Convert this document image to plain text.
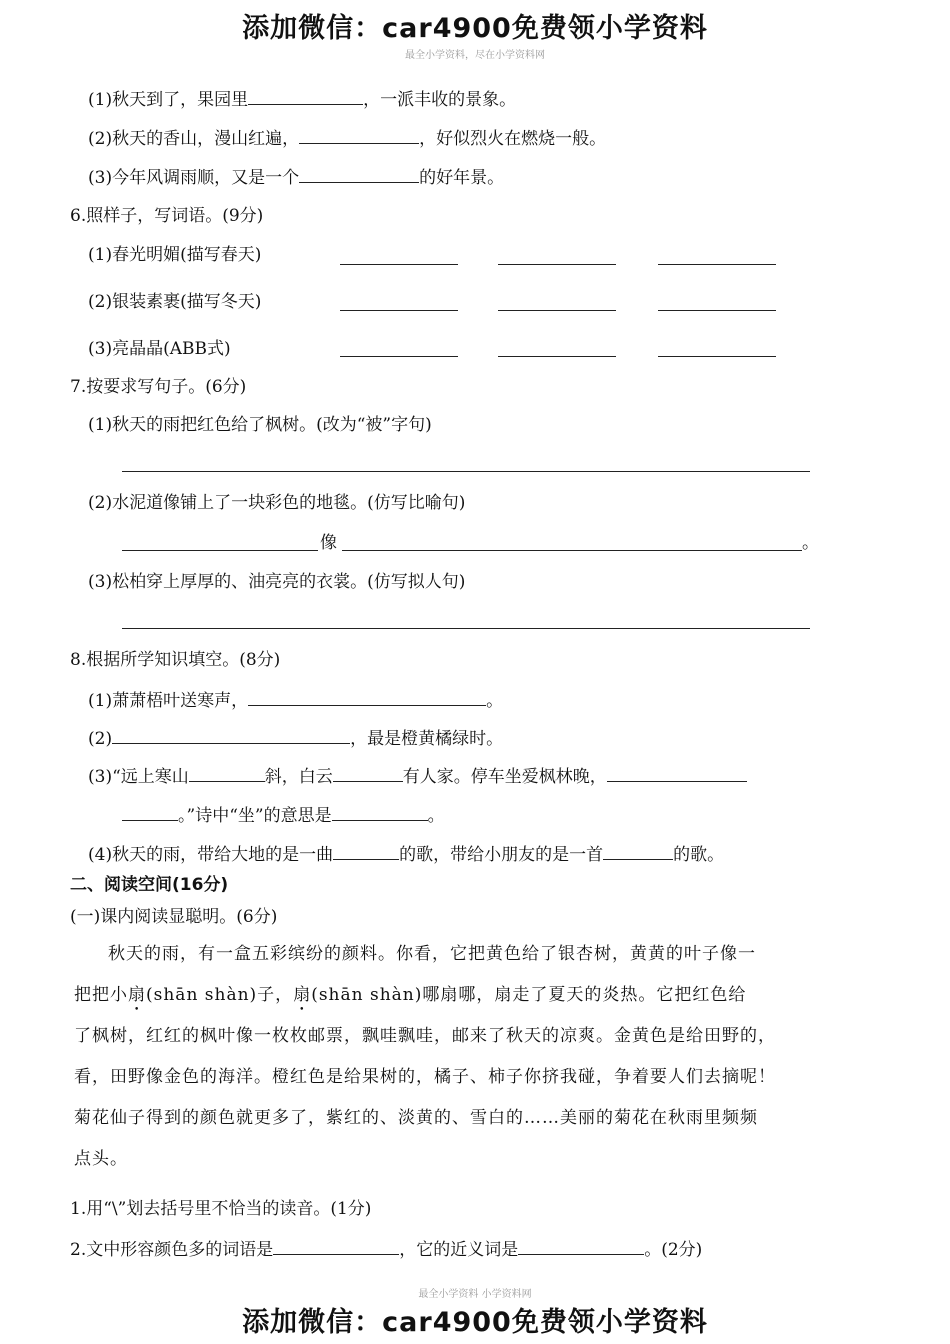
添加微信：car4900免费领小学资料
最全小学资料，尽在小学资料网
(1)秋天到了，果园里	，一派丰收的景象。
(2)秋天的香山，漫山红遍，	，好似烈火在燃烧一般。
(3)今年风调雨顺，又是一个	的好年景。
6.照样子，写词语。(9分)
(1)春光明媚(描写春天)
(2)银装素裹(描写冬天)
(3)亮晶晶(ABB式)
7.按要求写句子。(6分)
(1)秋天的雨把红色给了枫树。(改为“被”字句)
(2)水泥道像铺上了一块彩色的地毯。(仿写比喻句)
像	。
(3)松柏穿上厚厚的、油亮亮的衣裳。(仿写拟人句)
8.根据所学知识填空。(8分)
(1)萧萧梧叶送寒声，	。
(2)	，最是橙黄橘绿时。
(3)“远上寒山	斜，白云	有人家。停车坐爱枫林晚，
。”诗中“坐”的意思是	。
(4)秋天的雨，带给大地的是一曲	的歌，带给小朋友的是一首	的歌。
二、阅读空间(16分)
(一)课内阅读显聪明。(6分)
秋天的雨，有一盒五彩缤纷的颜料。你看，它把黄色给了银杏树，黄黄的叶子像一
把把小扇(shān shàn)子，扇(shān shàn)哪扇哪，扇走了夏天的炎热。它把红色给
了枫树，红红的枫叶像一枚枚邮票，飘哇飘哇，邮来了秋天的凉爽。金黄色是给田野的，
看，田野像金色的海洋。橙红色是给果树的，橘子、柿子你挤我碰，争着要人们去摘呢！
菊花仙子得到的颜色就更多了，紫红的、淡黄的、雪白的……美丽的菊花在秋雨里频频
点头。
1.用“\”划去括号里不恰当的读音。(1分)
2.文中形容颜色多的词语是	，它的近义词是	。(2分)
最全小学资料 小学资料网
添加微信：car4900免费领小学资料
